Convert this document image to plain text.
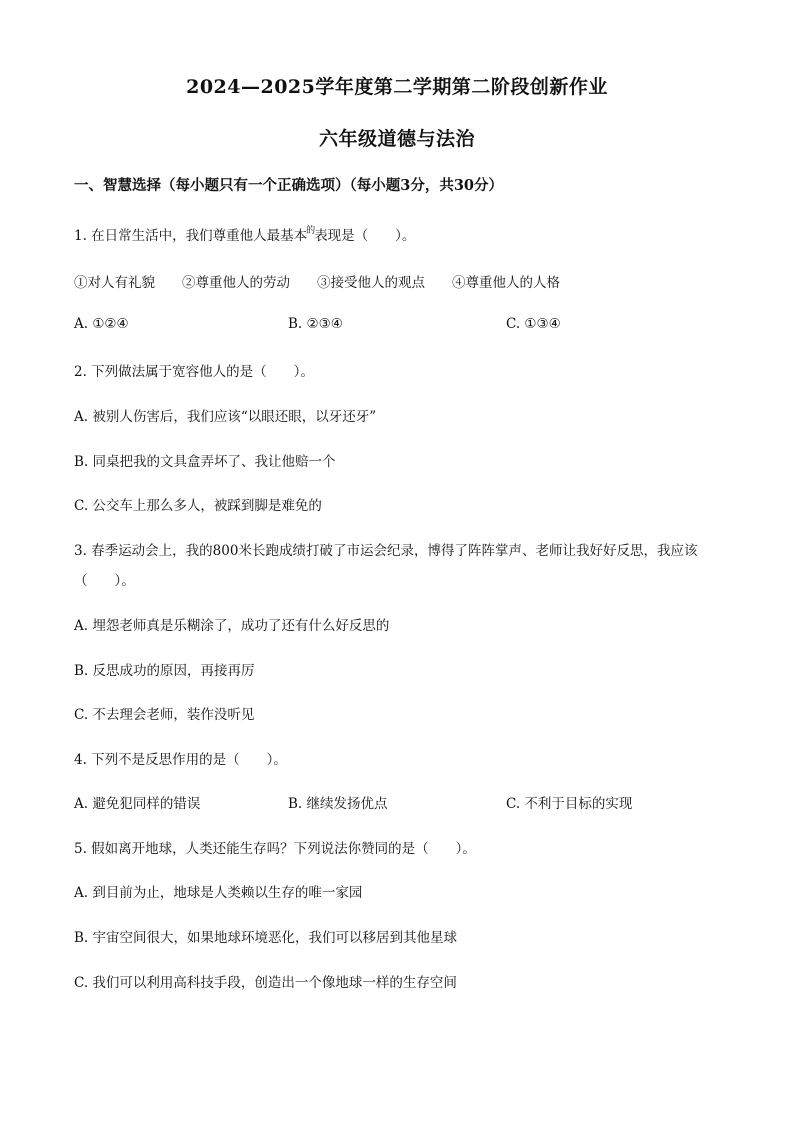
2024—2025学年度第二学期第二阶段创新作业
六年级道德与法治
一、智慧选择（每小题只有一个正确选项）（每小题3分，共30分）
1. 在日常生活中，我们尊重他人最基本$^的$表现是（　　）。
①对人有礼貌　　②尊重他人的劳动　　③接受他人的观点　　④尊重他人的人格
A. ①②④	B. ②③④	C. ①③④
2. 下列做法属于宽容他人的是（　　）。
A. 被别人伤害后，我们应该“以眼还眼，以牙还牙”
B. 同桌把我的文具盒弄坏了、我让他赔一个
C. 公交车上那么多人，被踩到脚是难免的
3. 春季运动会上，我的800米长跑成绩打破了市运会纪录，博得了阵阵掌声、老师让我好好反思，我应该
（　　）。
A. 埋怨老师真是乐糊涂了，成功了还有什么好反思的
B. 反思成功的原因，再接再厉
C. 不去理会老师，装作没听见
4. 下列不是反思作用的是（　　）。
A. 避免犯同样的错误	B. 继续发扬优点	C. 不利于目标的实现
5. 假如离开地球，人类还能生存吗？下列说法你赞同的是（　　）。
A. 到目前为止，地球是人类赖以生存的唯一家园
B. 宇宙空间很大，如果地球环境恶化，我们可以移居到其他星球
C. 我们可以利用高科技手段，创造出一个像地球一样的生存空间
